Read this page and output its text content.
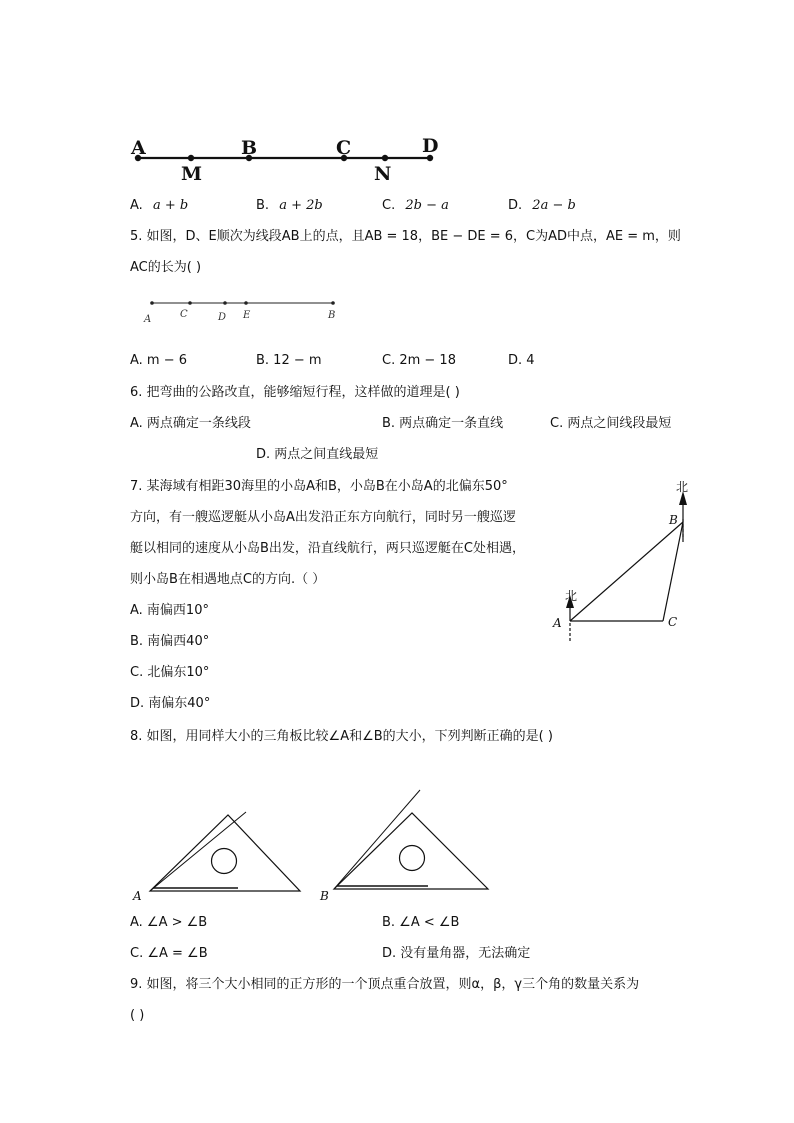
A
M
B	C
N
D
A. a + b	B. a + 2b	C. 2b − a	D. 2a − b
5. 如图，D、E顺次为线段AB上的点，且AB = 18，BE − DE = 6，C为AD中点，AE = m，则
AC的长为( )
A	C	D E	B
A. m − 6	B. 12 − m	C. 2m − 18	D. 4
6. 把弯曲的公路改直，能够缩短行程，这样做的道理是( )
A. 两点确定一条线段	B. 两点确定一条直线	C. 两点之间线段最短
D. 两点之间直线最短
7. 某海域有相距30海里的小岛A和B，小岛B在小岛A的北偏东50°
方向，有一艘巡逻艇从小岛A出发沿正东方向航行，同时另一艘巡逻
艇以相同的速度从小岛B出发，沿直线航行，两只巡逻艇在C处相遇，
则小岛B在相遇地点C的方向.（ ）
A. 南偏西10°
B. 南偏西40°
C. 北偏东10°
D. 南偏东40°
北
北
A
B
C
8. 如图，用同样大小的三角板比较∠A和∠B的大小，下列判断正确的是( )
A	B
A. ∠A > ∠B	B. ∠A < ∠B
C. ∠A = ∠B	D. 没有量角器，无法确定
9. 如图，将三个大小相同的正方形的一个顶点重合放置，则α，β，γ三个角的数量关系为
( )
